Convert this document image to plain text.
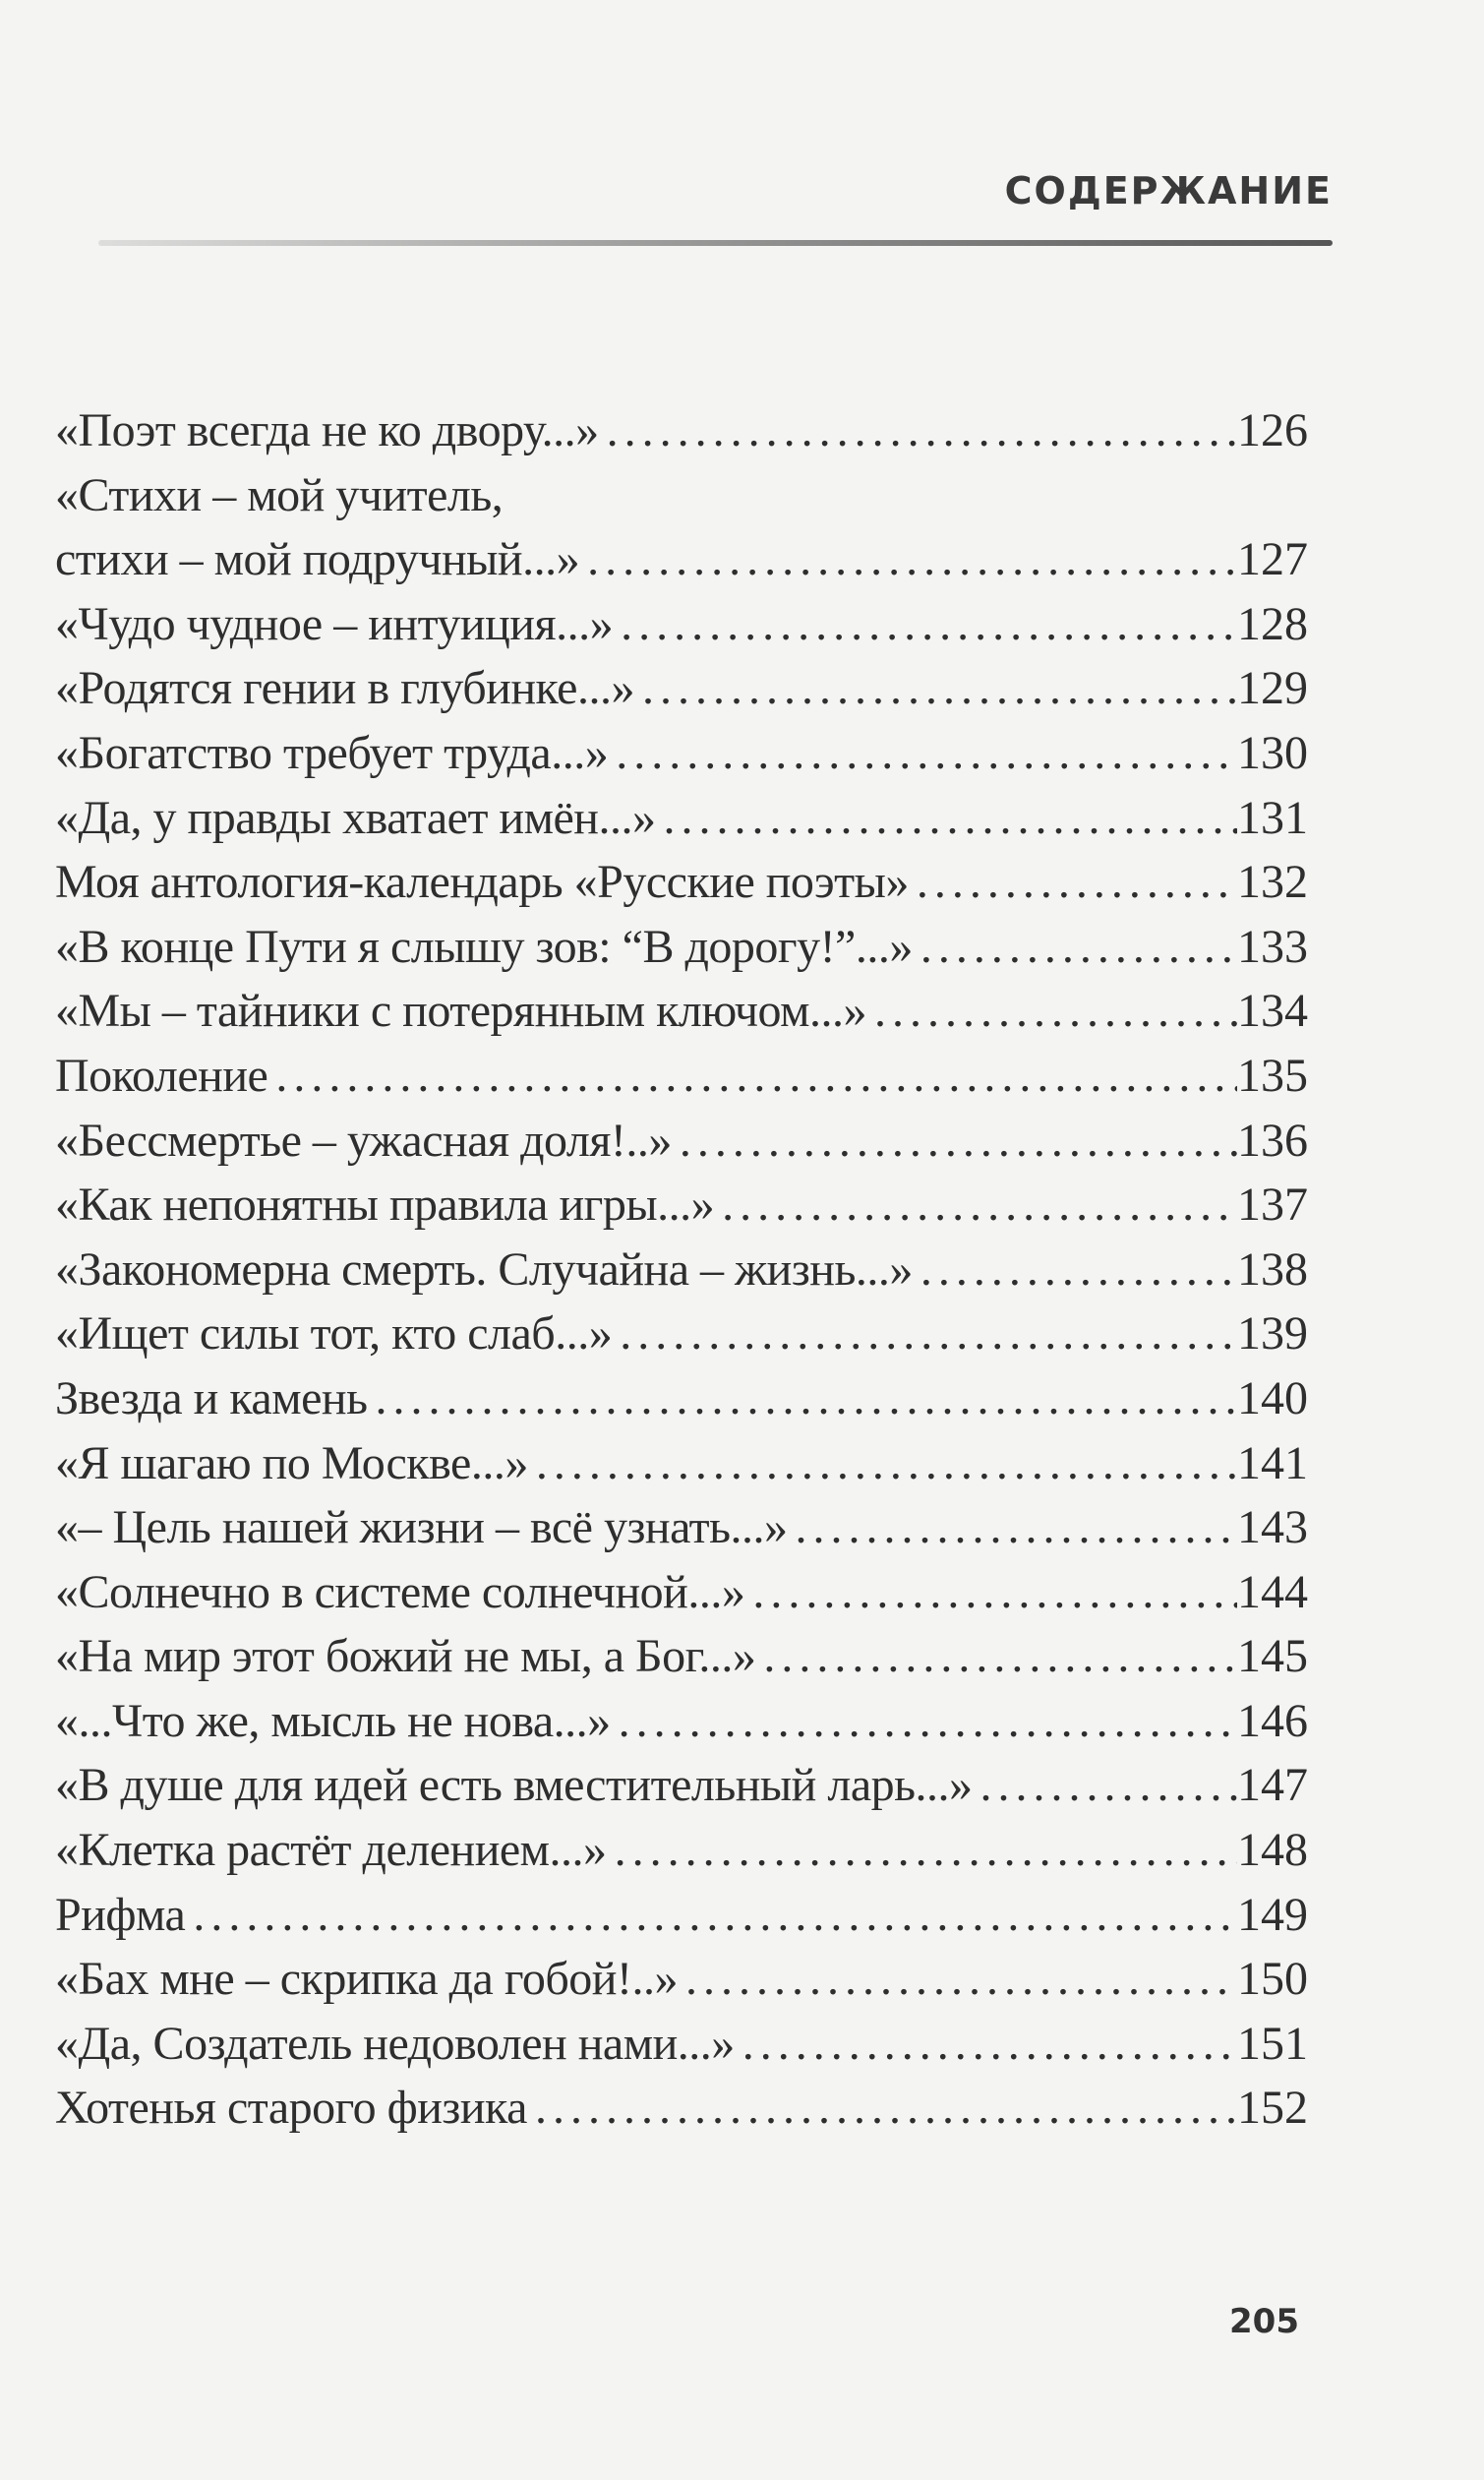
СОДЕРЖАНИЕ
«Поэт всегда не ко двору...» .....	126
«Стихи – мой учитель,
стихи – мой подручный...» .....	127
«Чудо чудное – интуиция...» .....	128
«Родятся гении в глубинке...» .....	129
«Богатство требует труда...» .....	130
«Да, у правды хватает имён...» .....	131
Моя антология-календарь «Русские поэты» .....	132
«В конце Пути я слышу зов: “В дорогу!”...» .....	133
«Мы – тайники с потерянным ключом...» .....	134
Поколение .....	135
«Бессмертье – ужасная доля!..» .....	136
«Как непонятны правила игры...» .....	137
«Закономерна смерть. Случайна – жизнь...» .....	138
«Ищет силы тот, кто слаб...» .....	139
Звезда и камень .....	140
«Я шагаю по Москве...» .....	141
«– Цель нашей жизни – всё узнать...» .....	143
«Солнечно в системе солнечной...» .....	144
«На мир этот божий не мы, а Бог...» .....	145
«...Что же, мысль не нова...» .....	146
«В душе для идей есть вместительный ларь...» .....	147
«Клетка растёт делением...» .....	148
Рифма .....	149
«Бах мне – скрипка да гобой!..» .....	150
«Да, Создатель недоволен нами...» .....	151
Хотенья старого физика .....	152
205
